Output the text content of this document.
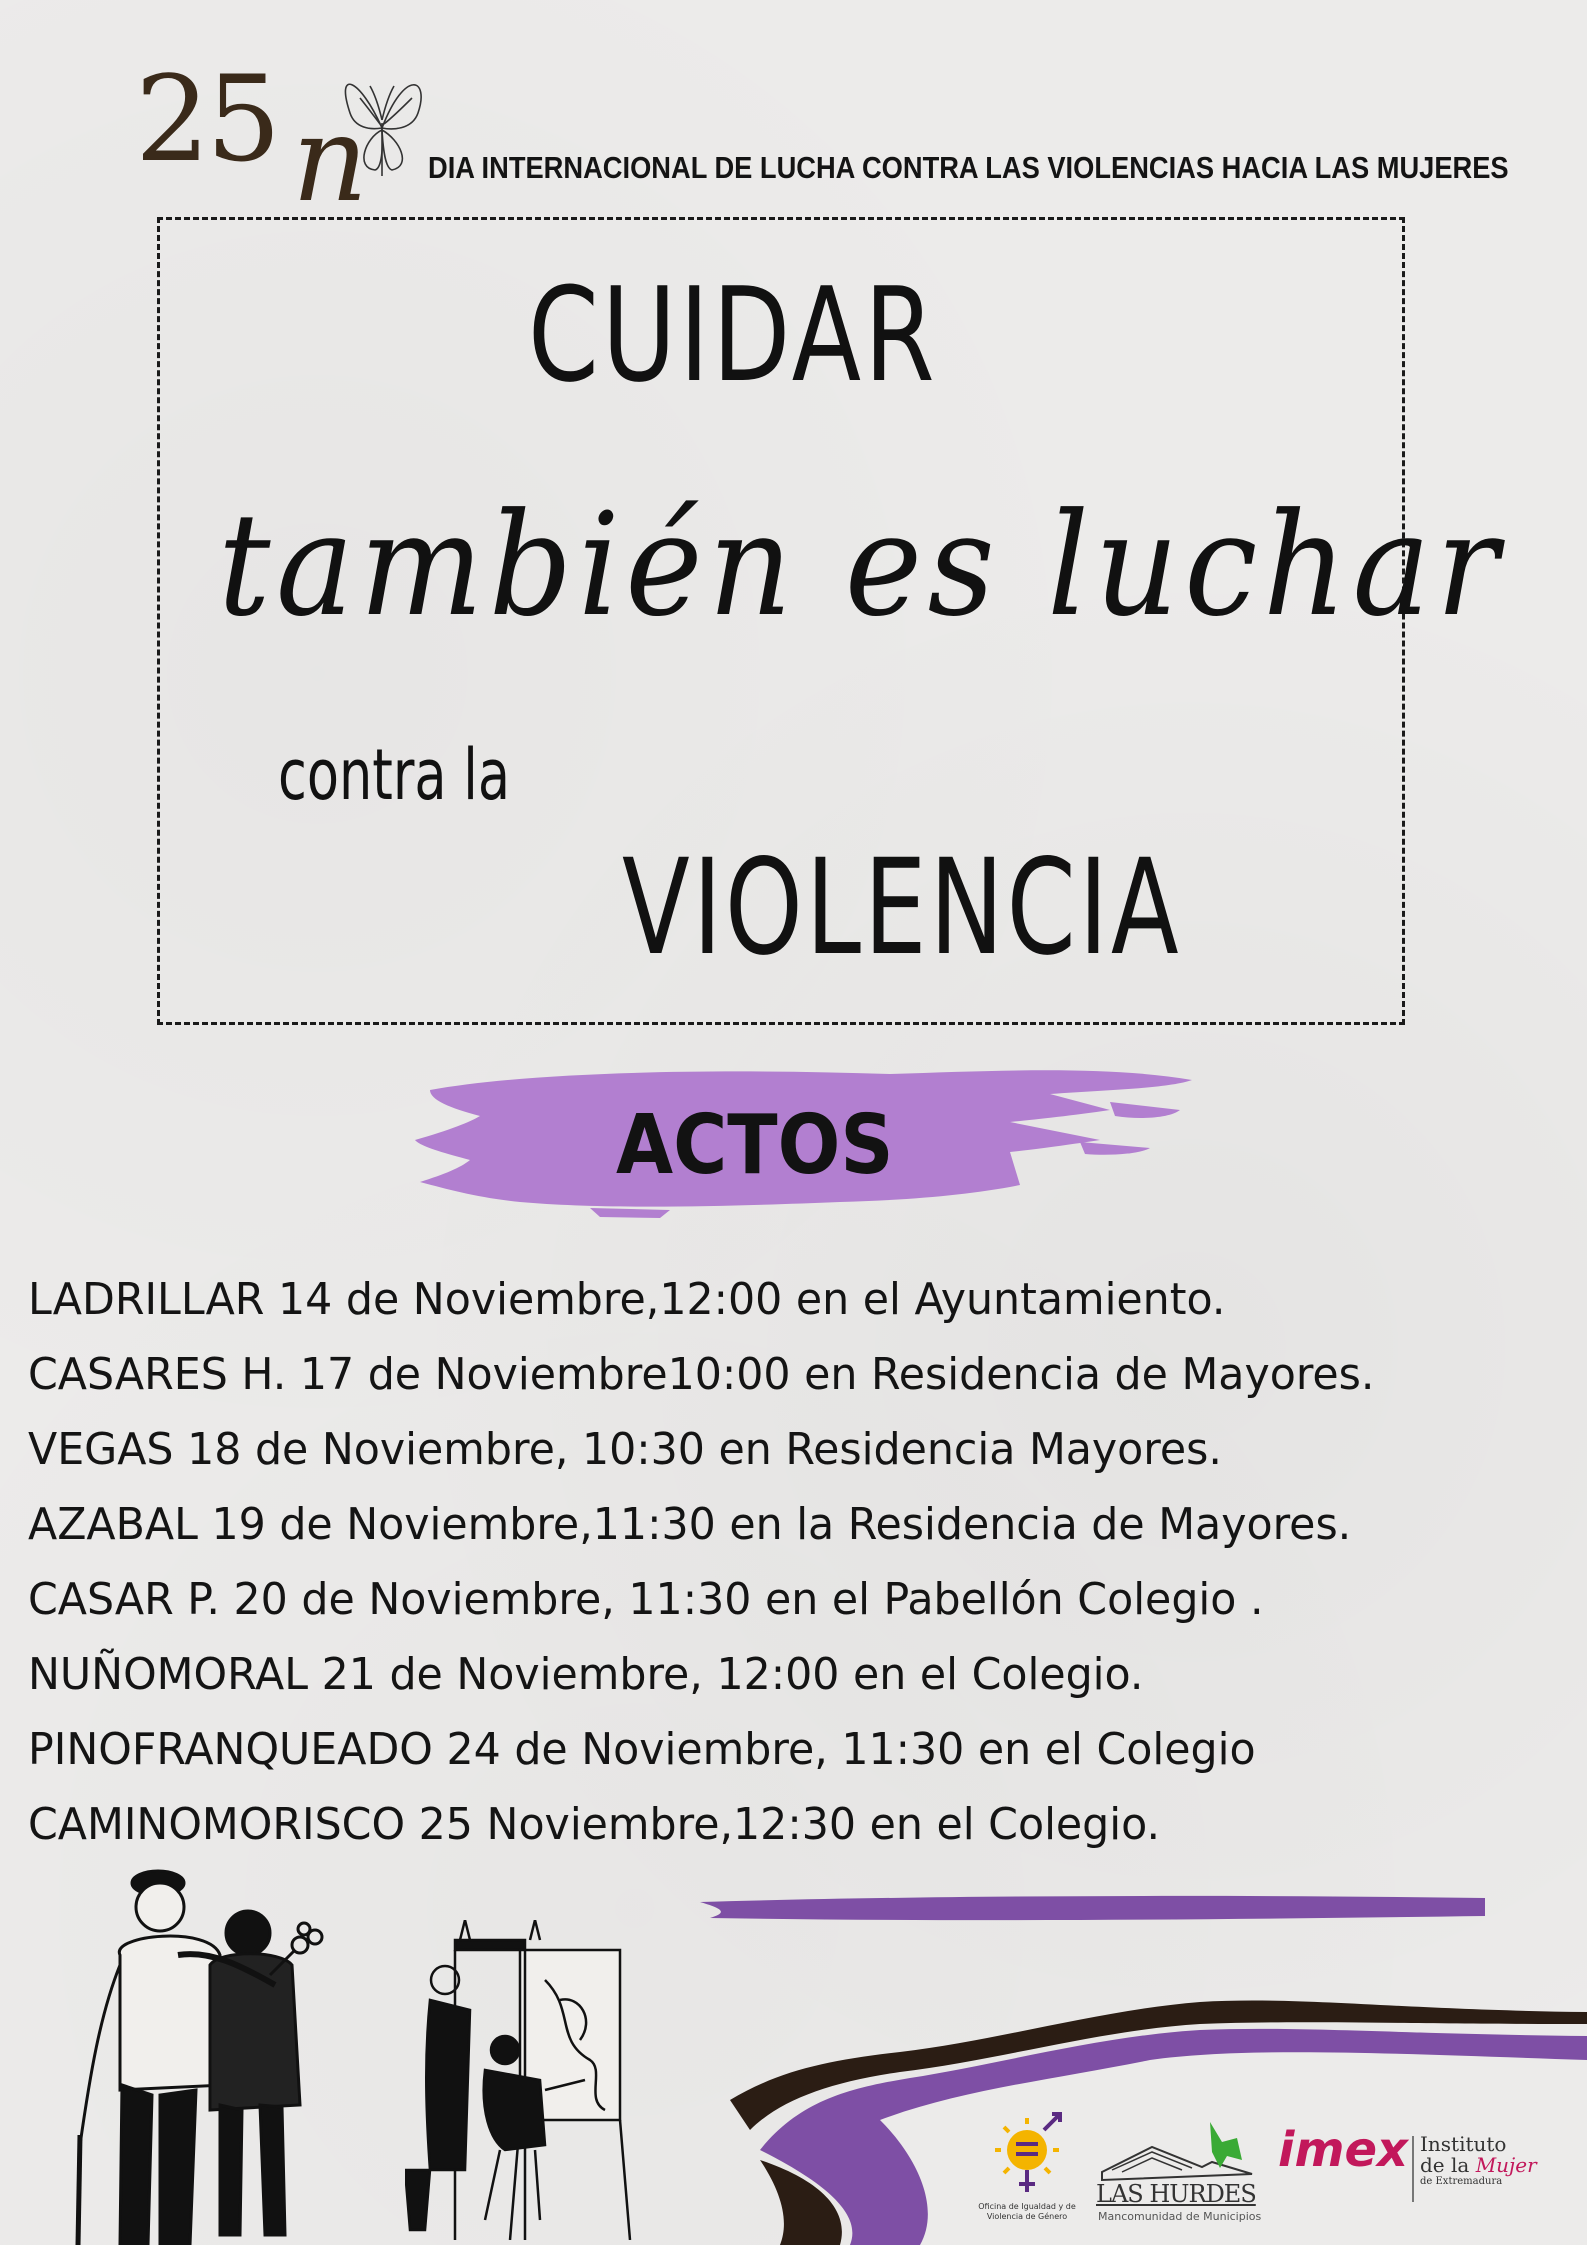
25 n DIA INTERNACIONAL DE LUCHA CONTRA LAS VIOLENCIAS HACIA LAS MUJERES
CUIDAR
también es luchar
contra la
VIOLENCIA
ACTOS
LADRILLAR 14 de Noviembre,12:00 en el Ayuntamiento.
CASARES H. 17 de Noviembre10:00 en Residencia de Mayores.
VEGAS 18 de Noviembre, 10:30 en Residencia Mayores.
AZABAL 19 de Noviembre,11:30 en la Residencia de Mayores.
CASAR P. 20 de Noviembre, 11:30 en el Pabellón Colegio .
NUÑOMORAL 21 de Noviembre, 12:00 en el Colegio.
PINOFRANQUEADO 24 de Noviembre, 11:30 en el Colegio
CAMINOMORISCO 25 Noviembre,12:30 en el Colegio.
Oficina de Igualdad y de Violencia de Género
LAS HURDES
Mancomunidad de Municipios
imex Instituto
de la Mujer
de Extremadura
